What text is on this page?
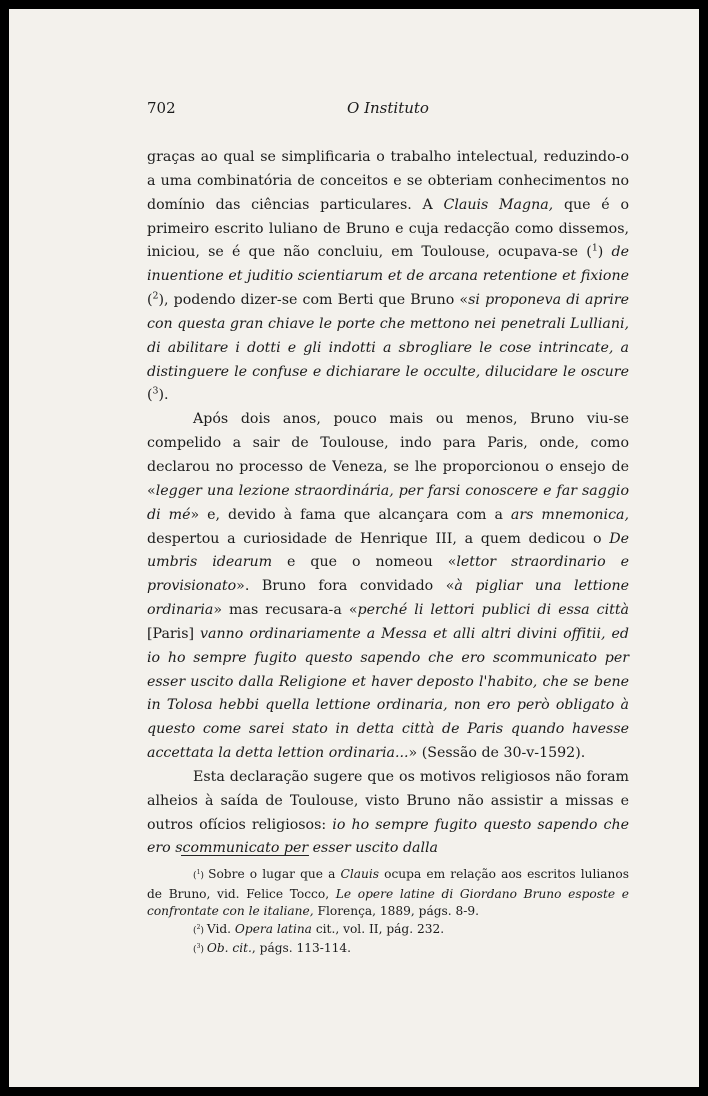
702	O Instituto

graças ao qual se simplificaria o trabalho intelectual, reduzindo-o a uma combinatória de conceitos e se obteriam conhecimentos no domínio das ciências particulares. A Clauis Magna, que é o primeiro escrito luliano de Bruno e cuja redacção como dissemos, iniciou, se é que não concluiu, em Toulouse, ocupava-se ($^1$) de inuentione et juditio scientiarum et de arcana retentione et fixione ($^2$), podendo dizer-se com Berti que Bruno «si proponeva di aprire con questa gran chiave le porte che mettono nei penetrali Lulliani, di abilitare i dotti e gli indotti a sbrogliare le cose intrincate, a distinguere le confuse e dichiarare le occulte, dilucidare le oscure ($^3$).

Após dois anos, pouco mais ou menos, Bruno viu-se compelido a sair de Toulouse, indo para Paris, onde, como declarou no processo de Veneza, se lhe proporcionou o ensejo de «legger una lezione straordinária, per farsi conoscere e far saggio di mé» e, devido à fama que alcançara com a ars mnemonica, despertou a curiosidade de Henrique III, a quem dedicou o De umbris idearum e que o nomeou «lettor straordinario e provisionato». Bruno fora convidado «à pigliar una lettione ordinaria» mas recusara-a «perché li lettori publici di essa città [Paris] vanno ordinariamente a Messa et alli altri divini offitii, ed io ho sempre fugito questo sapendo che ero scommunicato per esser uscito dalla Religione et haver deposto l'habito, che se bene in Tolosa hebbi quella lettione ordinaria, non ero però obligato à questo come sarei stato in detta città de Paris quando havesse accettata la detta lettion ordinaria...» (Sessão de 30-v-1592).

Esta declaração sugere que os motivos religiosos não foram alheios à saída de Toulouse, visto Bruno não assistir a missas e outros ofícios religiosos: io ho sempre fugito questo sapendo che ero scommunicato per esser uscito dalla

($^1$) Sobre o lugar que a Clauis ocupa em relação aos escritos lulianos de Bruno, vid. Felice Tocco, Le opere latine di Giordano Bruno esposte e confrontate con le italiane, Florença, 1889, págs. 8-9.

($^2$) Vid. Opera latina cit., vol. II, pág. 232.

($^3$) Ob. cit., págs. 113-114.
